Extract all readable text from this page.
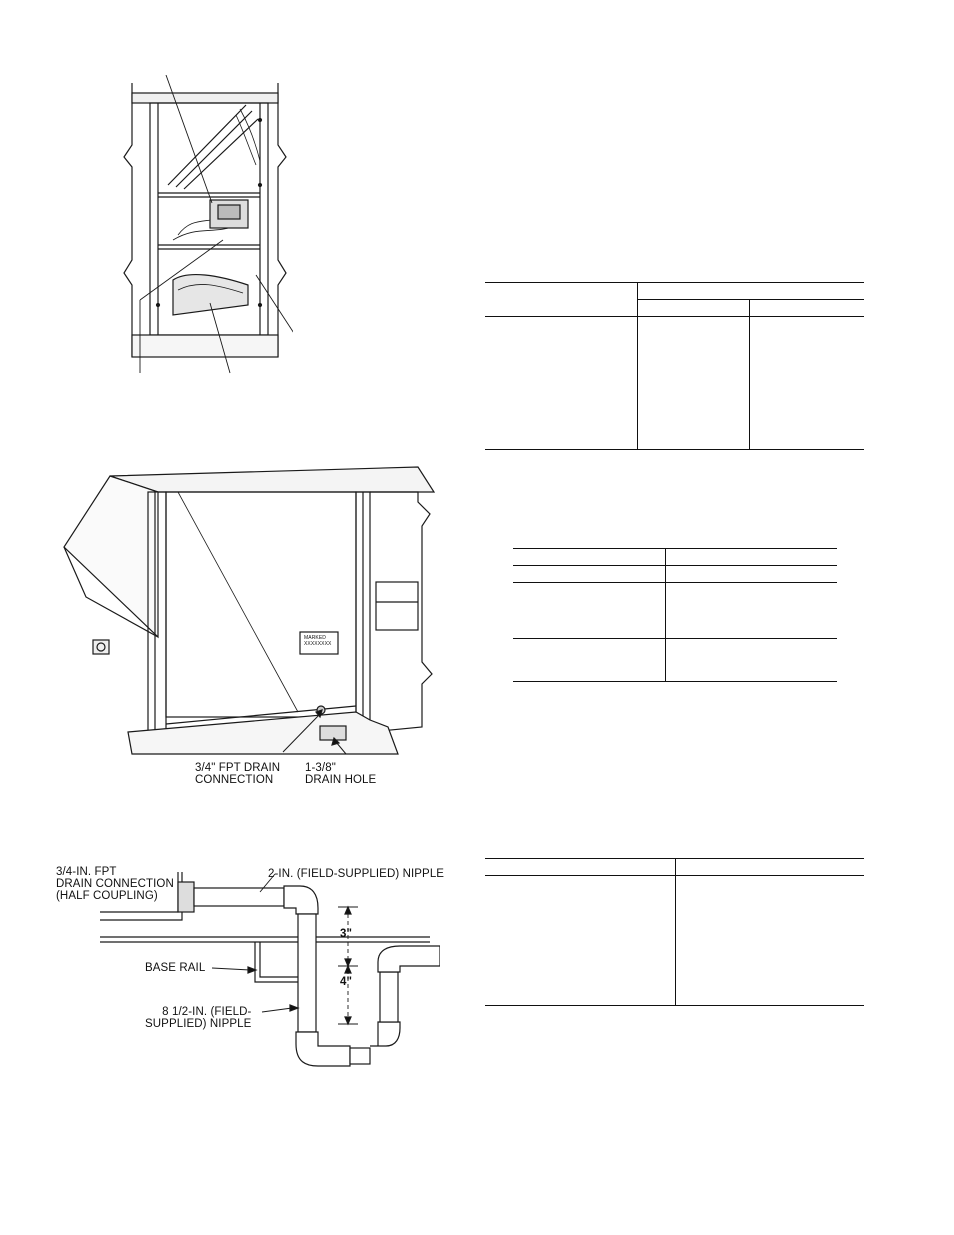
MARKED
XXXXXXXX
3/4" FPT DRAIN
CONNECTION
1-3/8"
DRAIN HOLE
3/4-IN. FPT
DRAIN CONNECTION
(HALF COUPLING)
2-IN. (FIELD-SUPPLIED) NIPPLE
BASE RAIL
8 1/2-IN. (FIELD-
SUPPLIED) NIPPLE
3"
4"
